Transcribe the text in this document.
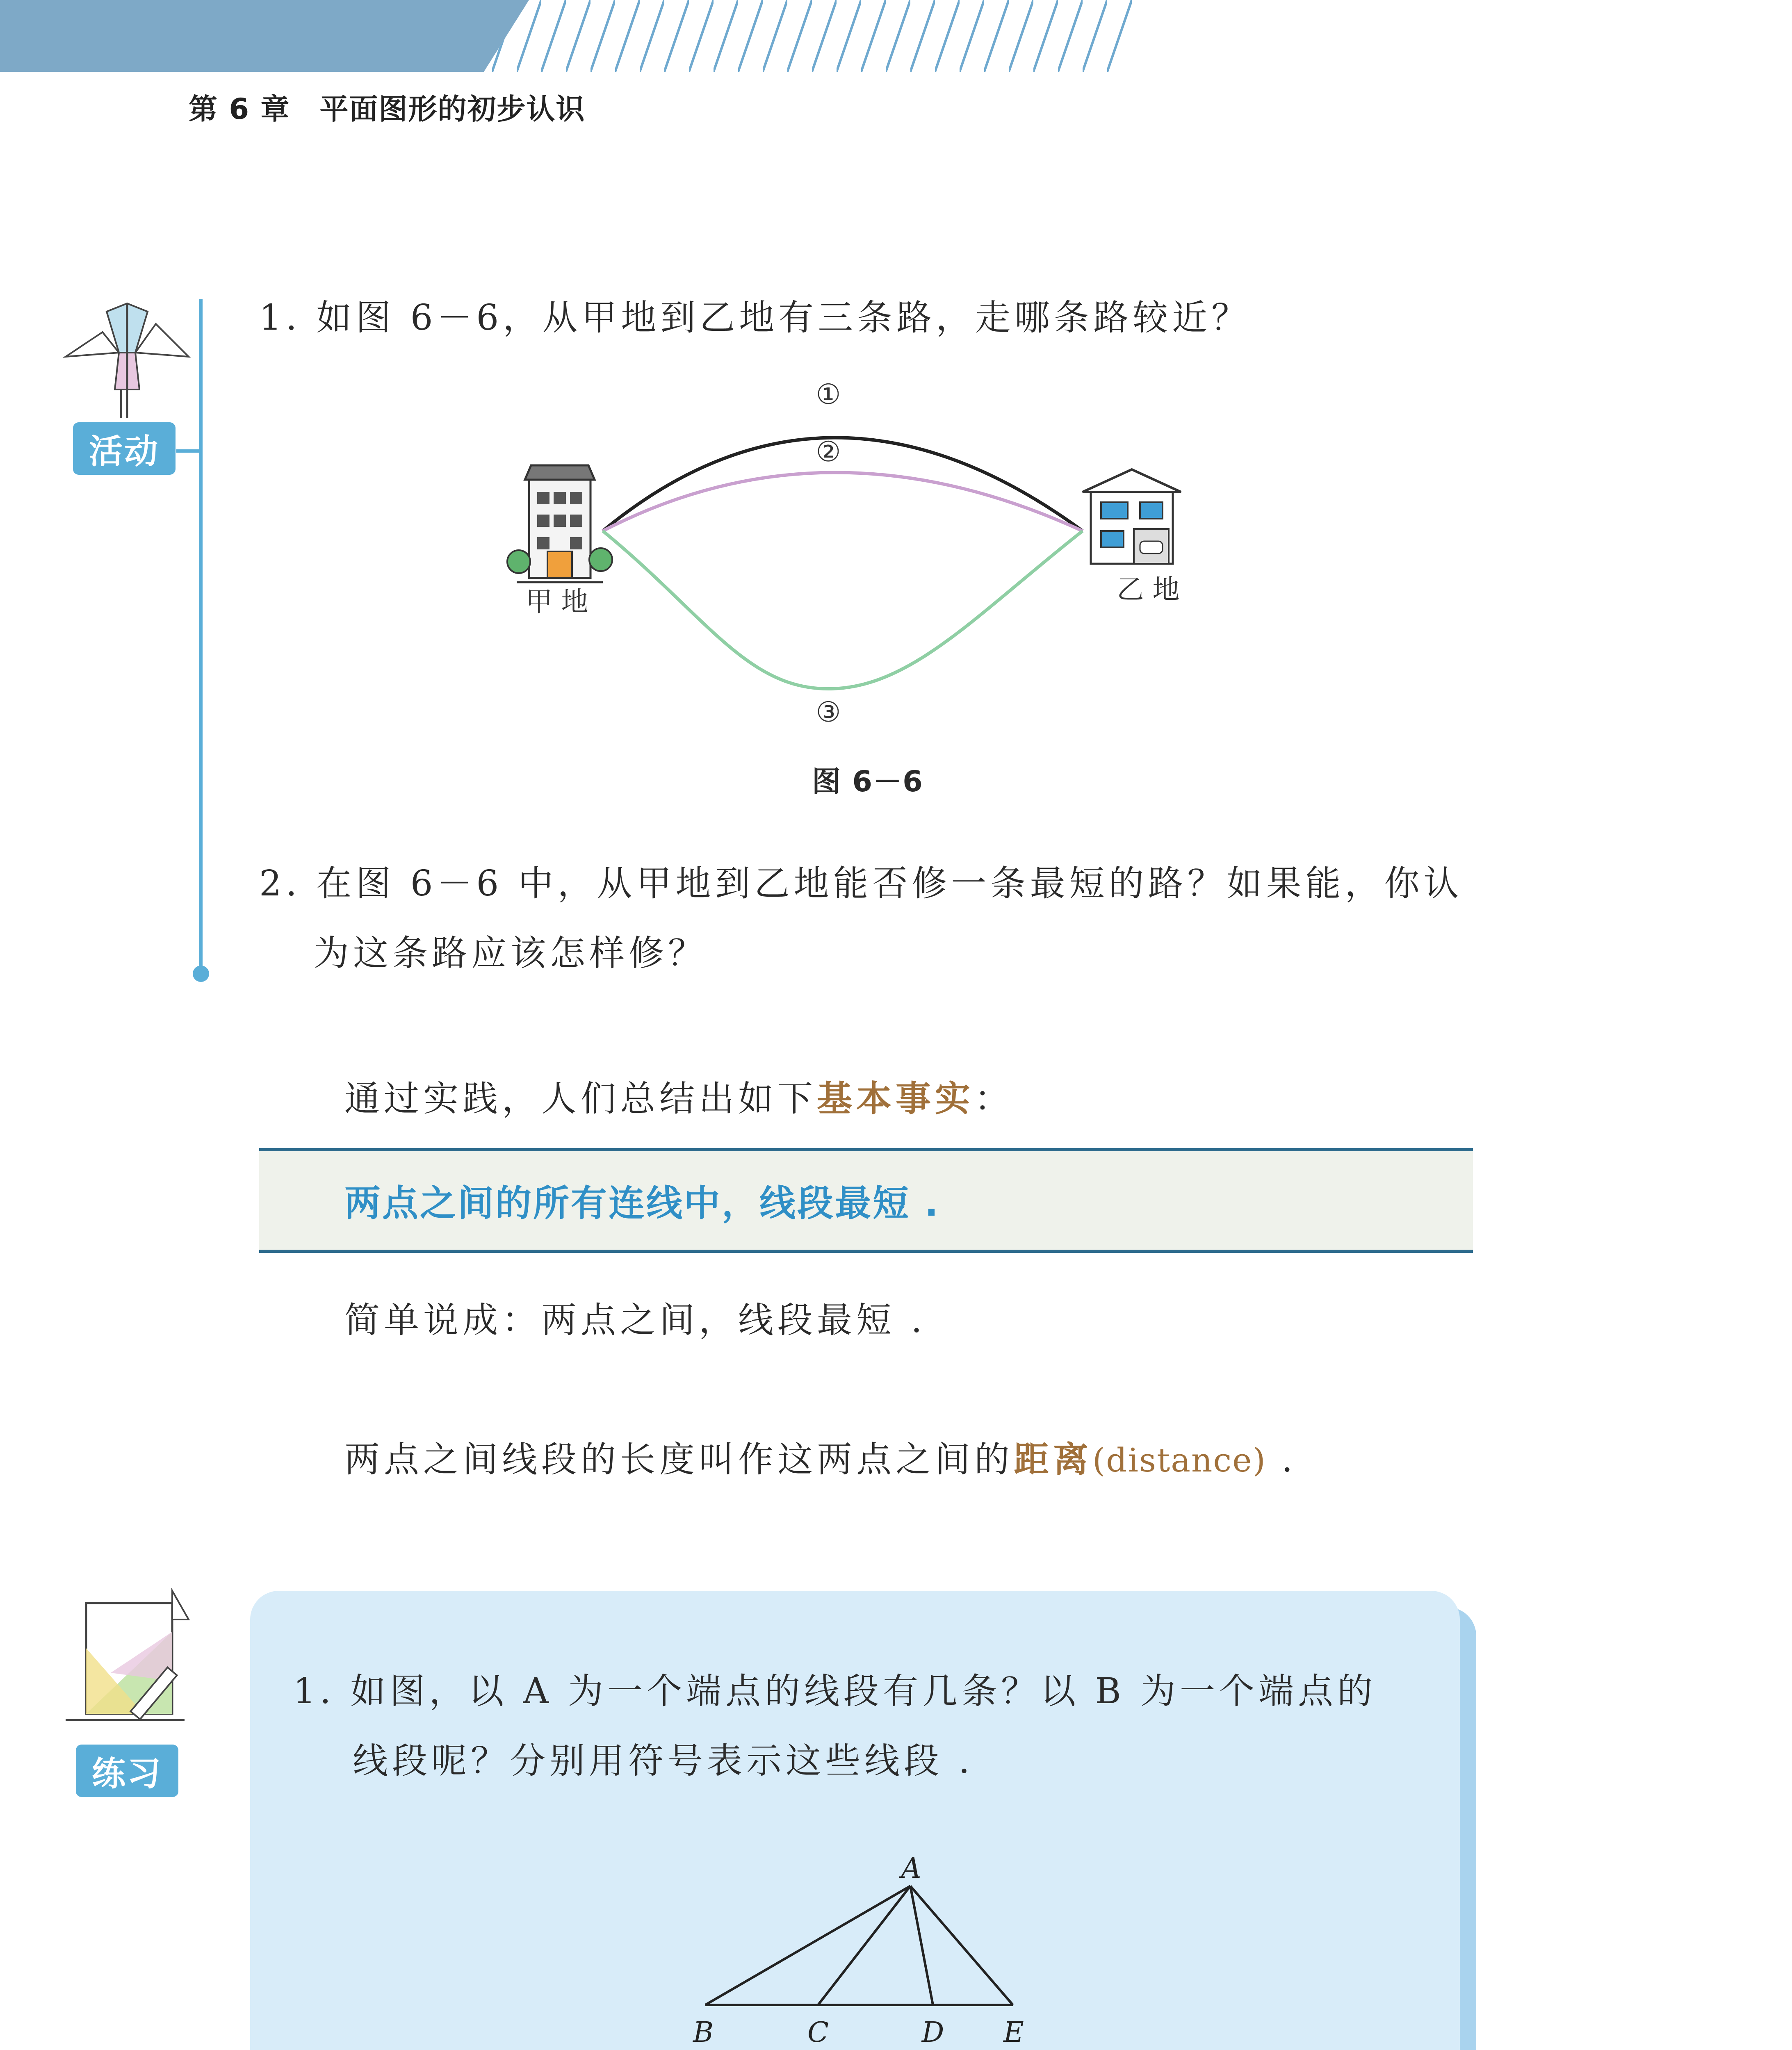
第 6 章　平面图形的初步认识
活动
1. 如图 6－6，从甲地到乙地有三条路，走哪条路较近？
①
②
③
甲 地	乙 地
图 6－6
2. 在图 6－6 中，从甲地到乙地能否修一条最短的路？如果能，你认
为这条路应该怎样修？
通过实践，人们总结出如下基本事实：
两点之间的所有连线中，线段最短 .
简单说成：两点之间，线段最短 .
两点之间线段的长度叫作这两点之间的距离(distance) .
练习
1. 如图，以 A 为一个端点的线段有几条？以 B 为一个端点的
线段呢？分别用符号表示这些线段 .
A
B	C	D E
